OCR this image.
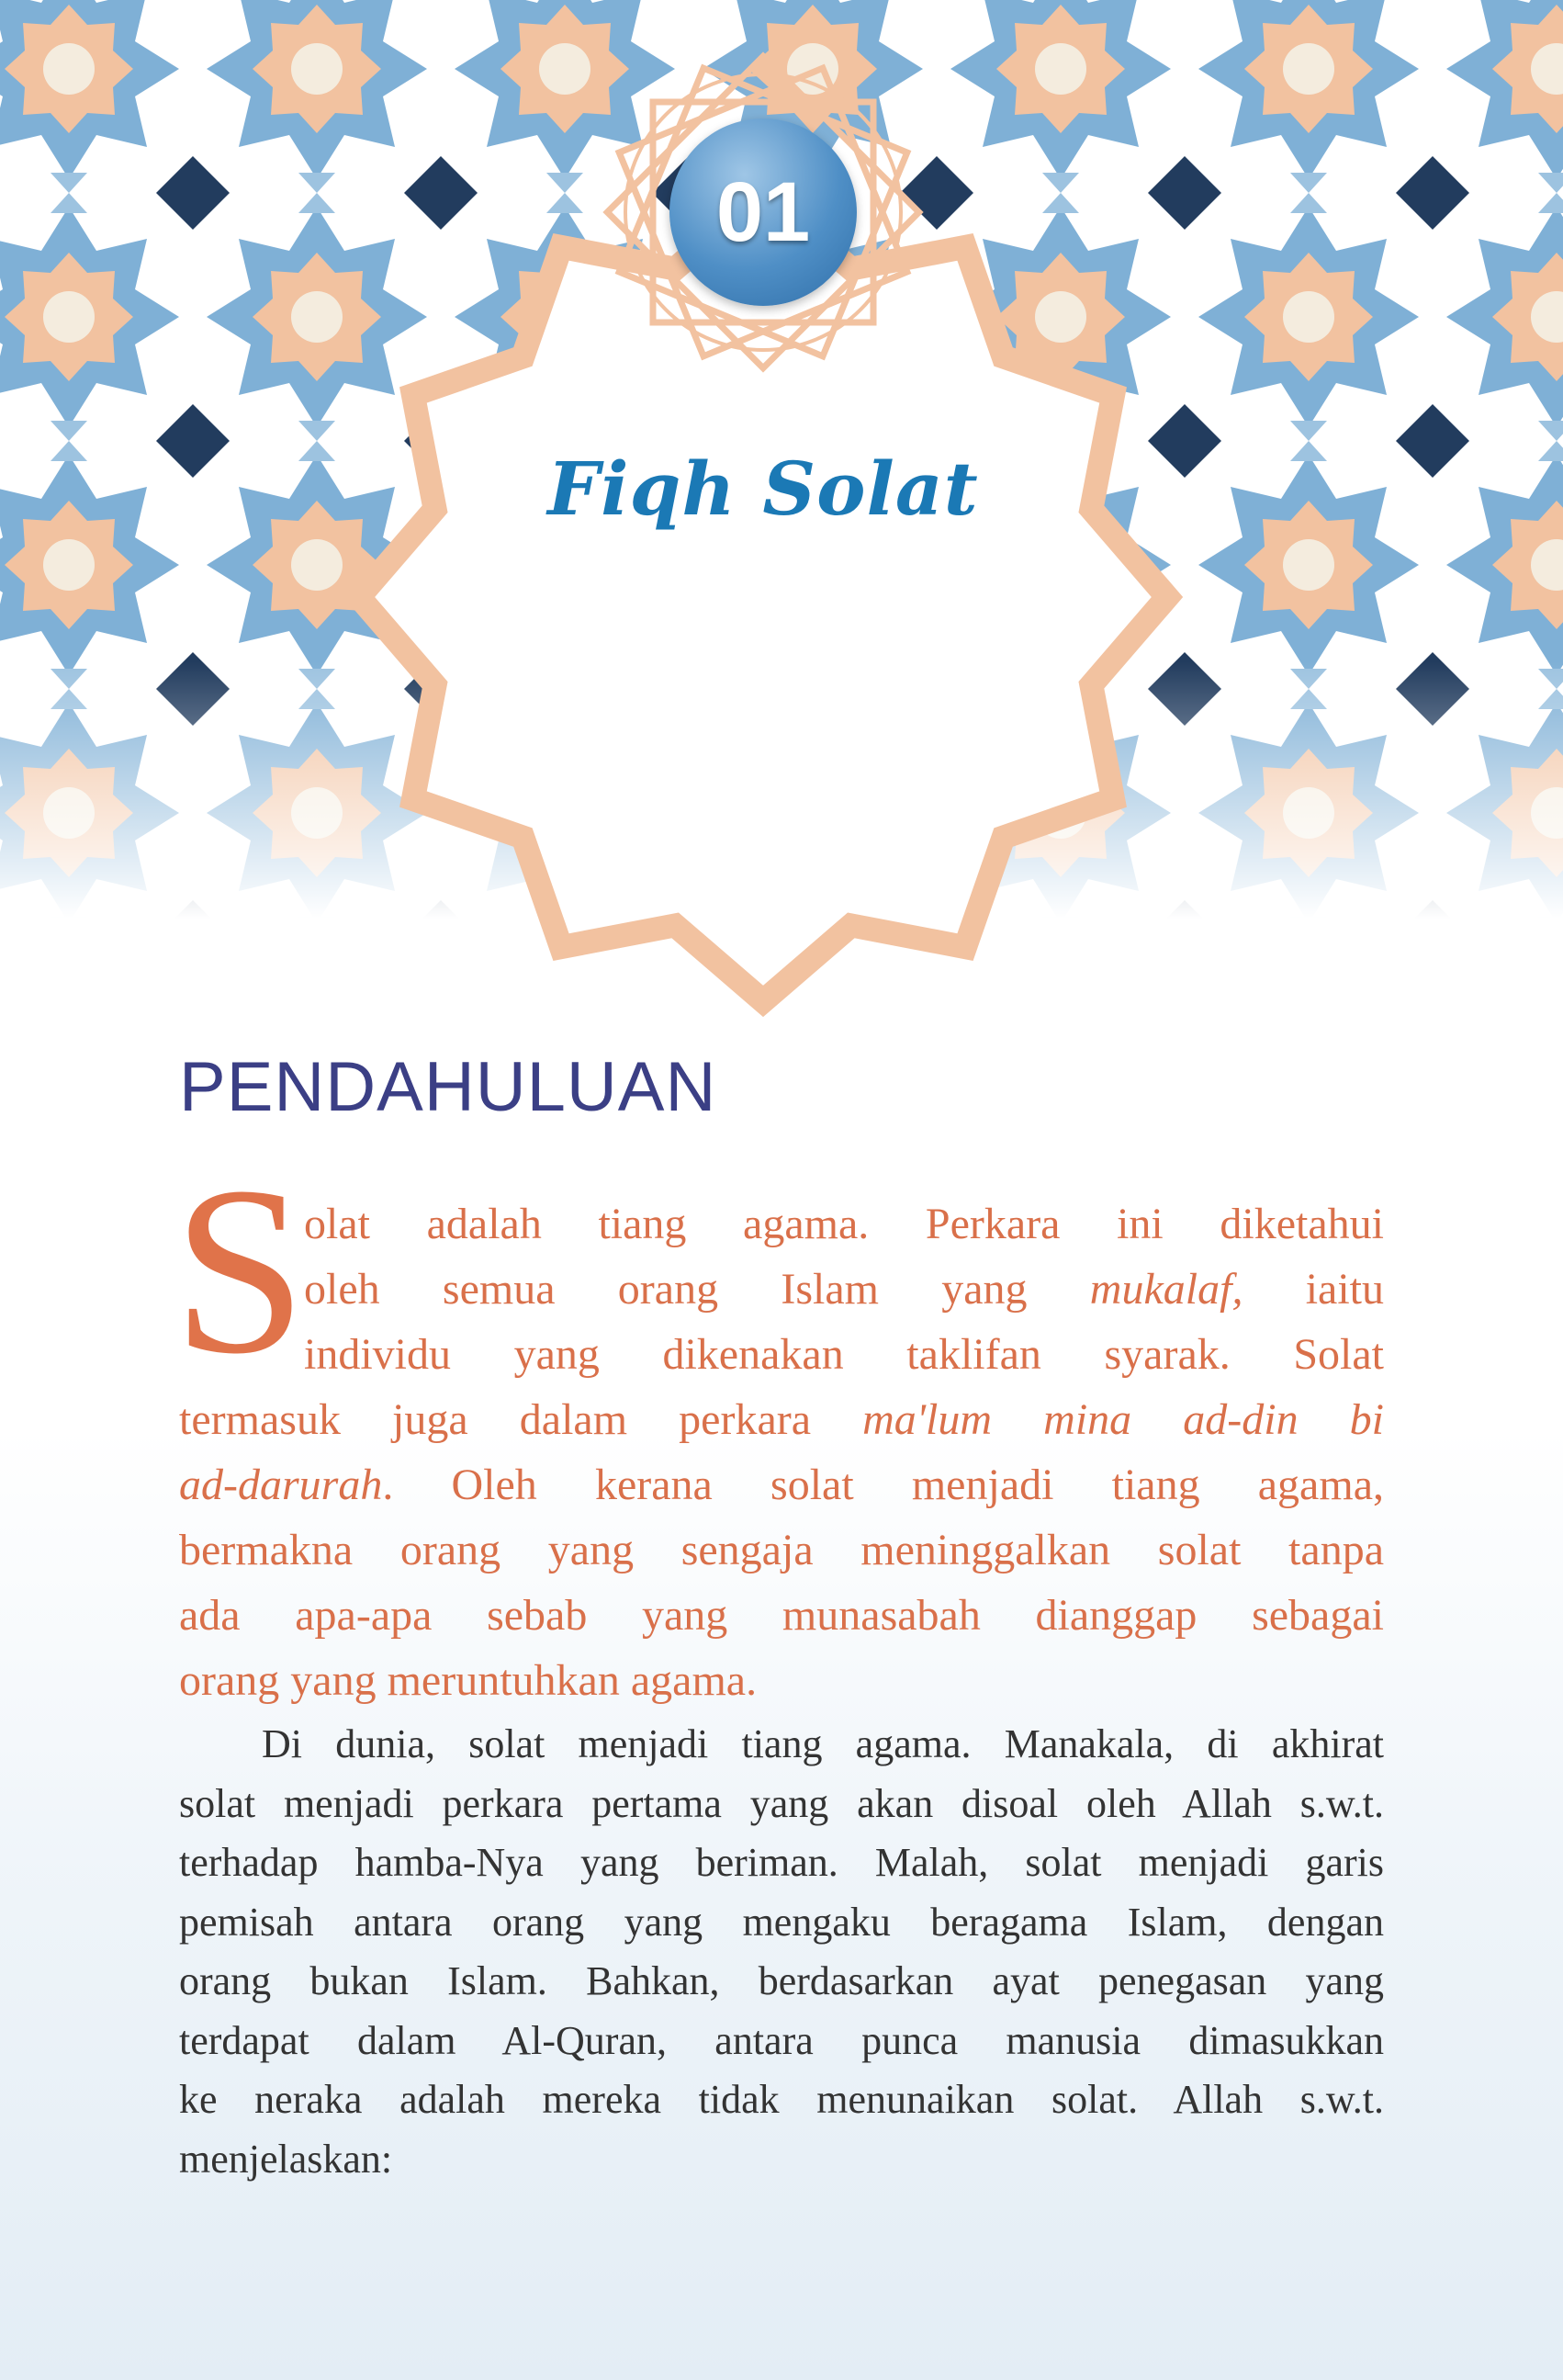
01
Fiqh Solat
PENDAHULUAN
S
olat adalah tiang agama. Perkara ini diketahui
oleh semua orang Islam yang mukalaf, iaitu
individu yang dikenakan taklifan syarak. Solat
termasuk juga dalam perkara ma'lum mina ad-din bi
ad-darurah. Oleh kerana solat menjadi tiang agama,
bermakna orang yang sengaja meninggalkan solat tanpa
ada apa-apa sebab yang munasabah dianggap sebagai
orang yang meruntuhkan agama.
Di dunia, solat menjadi tiang agama. Manakala, di akhirat
solat menjadi perkara pertama yang akan disoal oleh Allah s.w.t.
terhadap hamba-Nya yang beriman. Malah, solat menjadi garis
pemisah antara orang yang mengaku beragama Islam, dengan
orang bukan Islam. Bahkan, berdasarkan ayat penegasan yang
terdapat dalam Al-Quran, antara punca manusia dimasukkan
ke neraka adalah mereka tidak menunaikan solat. Allah s.w.t.
menjelaskan:
